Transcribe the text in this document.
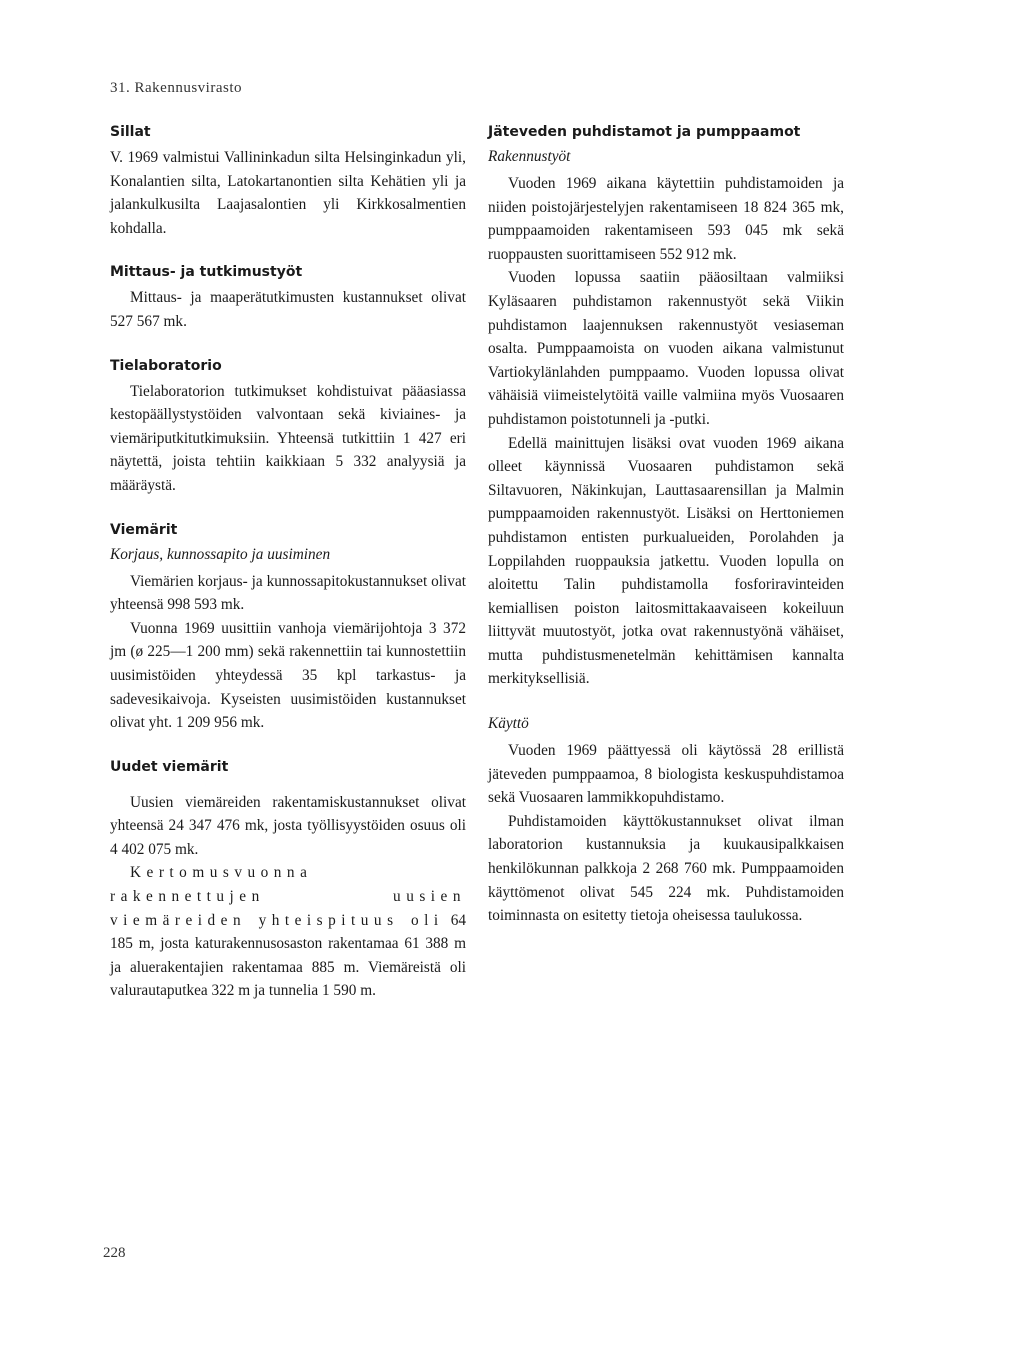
31. Rakennusvirasto
Sillat

V. 1969 valmistui Vallininkadun silta Helsinginkadun yli, Konalantien silta, Latokartanontien silta Kehätien yli ja jalankulkusilta Laajasalontien yli Kirkkosalmentien kohdalla.

Mittaus- ja tutkimustyöt

Mittaus- ja maaperätutkimusten kustannukset olivat 527 567 mk.

Tielaboratorio

Tielaboratorion tutkimukset kohdistuivat pääasiassa kestopäällystystöiden valvontaan sekä kiviaines- ja viemäriputkitutkimuksiin. Yhteensä tutkittiin 1 427 eri näytettä, joista tehtiin kaikkiaan 5 332 analyysiä ja määräystä.

Viemärit
Korjaus, kunnossapito ja uusiminen

Viemärien korjaus- ja kunnossapitokustannukset olivat yhteensä 998 593 mk.

Vuonna 1969 uusittiin vanhoja viemärijohtoja 3 372 jm (ø 225—1 200 mm) sekä rakennettiin tai kunnostettiin uusimistöiden yhteydessä 35 kpl tarkastus- ja sadevesikaivoja. Kyseisten uusimistöiden kustannukset olivat yht. 1 209 956 mk.

Uudet viemärit

Uusien viemäreiden rakentamiskustannukset olivat yhteensä 24 347 476 mk, josta työllisyystöiden osuus oli 4 402 075 mk.

Kertomusvuonna rakennettujen uusien viemäreiden yhteispituus oli 64 185 m, josta katurakennusosaston rakentamaa 61 388 m ja aluerakentajien rakentamaa 885 m. Viemäreistä oli valurautaputkea 322 m ja tunnelia 1 590 m.

Jäteveden puhdistamot ja pumppaamot
Rakennustyöt

Vuoden 1969 aikana käytettiin puhdistamoiden ja niiden poistojärjestelyjen rakentamiseen 18 824 365 mk, pumppaamoiden rakentamiseen 593 045 mk sekä ruoppausten suorittamiseen 552 912 mk.

Vuoden lopussa saatiin pääosiltaan valmiiksi Kyläsaaren puhdistamon rakennustyöt sekä Viikin puhdistamon laajennuksen rakennustyöt vesiaseman osalta. Pumppaamoista on vuoden aikana valmistunut Vartiokylänlahden pumppaamo. Vuoden lopussa olivat vähäisiä viimeistelytöitä vaille valmiina myös Vuosaaren puhdistamon poistotunneli ja -putki.

Edellä mainittujen lisäksi ovat vuoden 1969 aikana olleet käynnissä Vuosaaren puhdistamon sekä Siltavuoren, Näkinkujan, Lauttasaarensillan ja Malmin pumppaamoiden rakennustyöt. Lisäksi on Herttoniemen puhdistamon entisten purkualueiden, Porolahden ja Loppilahden ruoppauksia jatkettu. Vuoden lopulla on aloitettu Talin puhdistamolla fosforiravinteiden kemiallisen poiston laitosmittakaavaiseen kokeiluun liittyvät muutostyöt, jotka ovat rakennustyönä vähäiset, mutta puhdistusmenetelmän kehittämisen kannalta merkityksellisiä.

Käyttö

Vuoden 1969 päättyessä oli käytössä 28 erillistä jäteveden pumppaamoa, 8 biologista keskuspuhdistamoa sekä Vuosaaren lammikkopuhdistamo.

Puhdistamoiden käyttökustannukset olivat ilman laboratorion kustannuksia ja kuukausipalkkaisen henkilökunnan palkkoja 2 268 760 mk. Pumppaamoiden käyttömenot olivat 545 224 mk. Puhdistamoiden toiminnasta on esitetty tietoja oheisessa taulukossa.

228
